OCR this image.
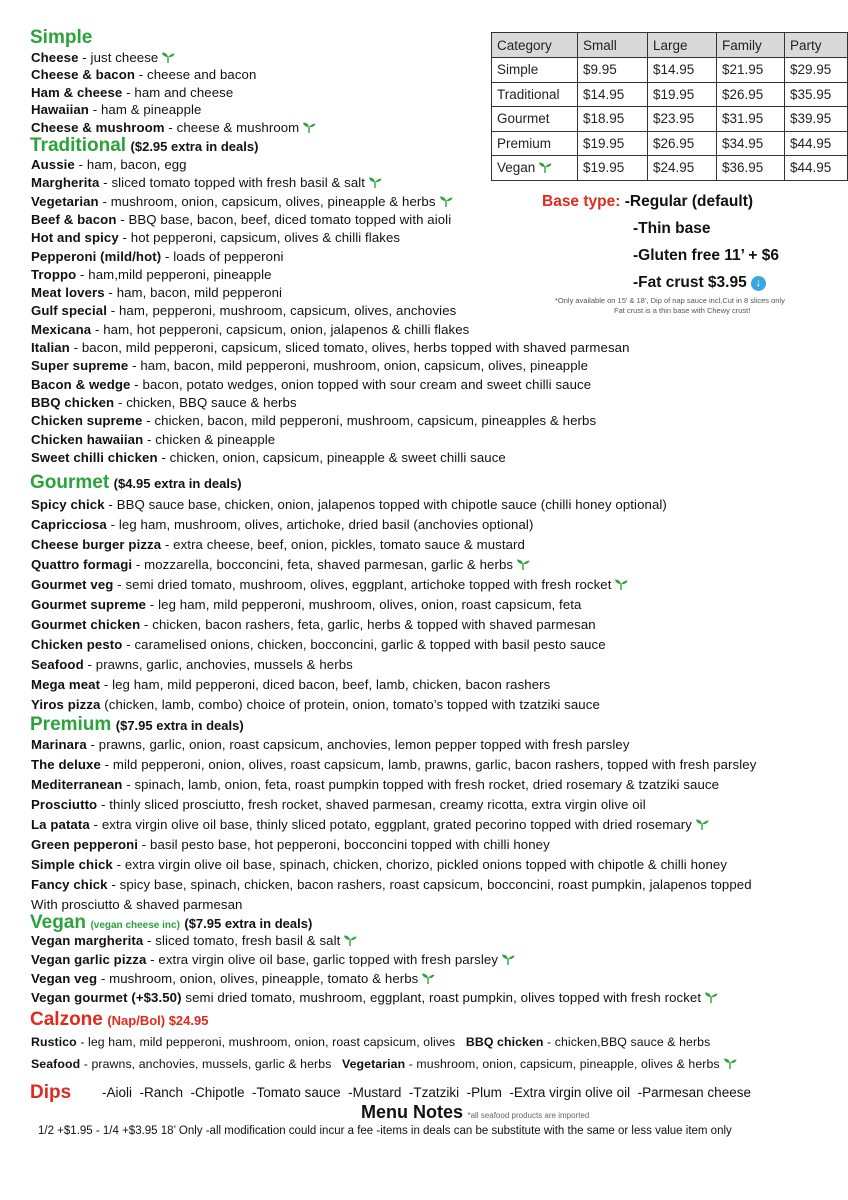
Simple
Cheese - just cheese
Cheese & bacon - cheese and bacon
Ham & cheese - ham and cheese
Hawaiian - ham & pineapple
Cheese & mushroom - cheese & mushroom
Traditional ($2.95 extra in deals)
Aussie - ham, bacon, egg
Margherita - sliced tomato topped with fresh basil & salt
Vegetarian - mushroom, onion, capsicum, olives, pineapple & herbs
Beef & bacon - BBQ base, bacon, beef, diced tomato topped with aioli
Hot and spicy - hot pepperoni, capsicum, olives & chilli flakes
Pepperoni (mild/hot) - loads of pepperoni
Troppo - ham,mild pepperoni, pineapple
Meat lovers - ham, bacon, mild pepperoni
Gulf special - ham, pepperoni, mushroom, capsicum, olives, anchovies
Mexicana - ham, hot pepperoni, capsicum, onion, jalapenos & chilli flakes
Italian - bacon, mild pepperoni, capsicum, sliced tomato, olives, herbs topped with shaved parmesan
Super supreme - ham, bacon, mild pepperoni, mushroom, onion, capsicum, olives, pineapple
Bacon & wedge - bacon, potato wedges, onion topped with sour cream and sweet chilli sauce
BBQ chicken - chicken, BBQ sauce & herbs
Chicken supreme - chicken, bacon, mild pepperoni, mushroom, capsicum, pineapples & herbs
Chicken hawaiian - chicken & pineapple
Sweet chilli chicken - chicken, onion, capsicum, pineapple & sweet chilli sauce
Gourmet ($4.95 extra in deals)
Spicy chick - BBQ sauce base, chicken, onion, jalapenos topped with chipotle sauce (chilli honey optional)
Capricciosa - leg ham, mushroom, olives, artichoke, dried basil (anchovies optional)
Cheese burger pizza - extra cheese, beef, onion, pickles, tomato sauce & mustard
Quattro formagi - mozzarella, bocconcini, feta, shaved parmesan, garlic & herbs
Gourmet veg - semi dried tomato, mushroom, olives, eggplant, artichoke topped with fresh rocket
Gourmet supreme - leg ham, mild pepperoni, mushroom, olives, onion, roast capsicum, feta
Gourmet chicken - chicken, bacon rashers, feta, garlic, herbs & topped with shaved parmesan
Chicken pesto - caramelised onions, chicken, bocconcini, garlic & topped with basil pesto sauce
Seafood - prawns, garlic, anchovies, mussels & herbs
Mega meat - leg ham, mild pepperoni, diced bacon, beef, lamb, chicken, bacon rashers
Yiros pizza (chicken, lamb, combo) choice of protein, onion, tomato’s topped with tzatziki sauce
Premium ($7.95 extra in deals)
Marinara - prawns, garlic, onion, roast capsicum, anchovies, lemon pepper topped with fresh parsley
The deluxe - mild pepperoni, onion, olives, roast capsicum, lamb, prawns, garlic, bacon rashers, topped with fresh parsley
Mediterranean - spinach, lamb, onion, feta, roast pumpkin topped with fresh rocket, dried rosemary & tzatziki sauce
Prosciutto - thinly sliced prosciutto, fresh rocket, shaved parmesan, creamy ricotta, extra virgin olive oil
La patata - extra virgin olive oil base, thinly sliced potato, eggplant, grated pecorino topped with dried rosemary
Green pepperoni - basil pesto base, hot pepperoni, bocconcini topped with chilli honey
Simple chick - extra virgin olive oil base, spinach, chicken, chorizo, pickled onions topped with chipotle & chilli honey
Fancy chick - spicy base, spinach, chicken, bacon rashers, roast capsicum, bocconcini, roast pumpkin, jalapenos topped
With prosciutto & shaved parmesan
Vegan (vegan cheese inc) ($7.95 extra in deals)
Vegan margherita - sliced tomato, fresh basil & salt
Vegan garlic pizza - extra virgin olive oil base, garlic topped with fresh parsley
Vegan veg - mushroom, onion, olives, pineapple, tomato & herbs
Vegan gourmet (+$3.50) semi dried tomato, mushroom, eggplant, roast pumpkin, olives topped with fresh rocket
Calzone (Nap/Bol) $24.95
Rustico - leg ham, mild pepperoni, mushroom, onion, roast capsicum, olives BBQ chicken - chicken,BBQ sauce & herbs
Seafood - prawns, anchovies, mussels, garlic & herbs Vegetarian - mushroom, onion, capsicum, pineapple, olives & herbs
Dips -Aioli  -Ranch  -Chipotle  -Tomato sauce  -Mustard  -Tzatziki  -Plum  -Extra virgin olive oil  -Parmesan cheese
Menu Notes *all seafood products are imported
1/2 +$1.95 - 1/4 +$3.95 18’ Only -all modification could incur a fee -items in deals can be substitute with the same or less value item only
Category	Small	Large	Family	Party
Simple	$9.95	$14.95	$21.95	$29.95
Traditional	$14.95	$19.95	$26.95	$35.95
Gourmet	$18.95	$23.95	$31.95	$39.95
Premium	$19.95	$26.95	$34.95	$44.95
Vegan	$19.95	$24.95	$36.95	$44.95
Base type: -Regular (default)
-Thin base
-Gluten free 11’ + $6
-Fat crust $3.95 ↓
*Only available on 15’ & 18’, Dip of nap sauce incl,Cut in 8 slices only
Fat crust is a thin base with Chewy crust!
